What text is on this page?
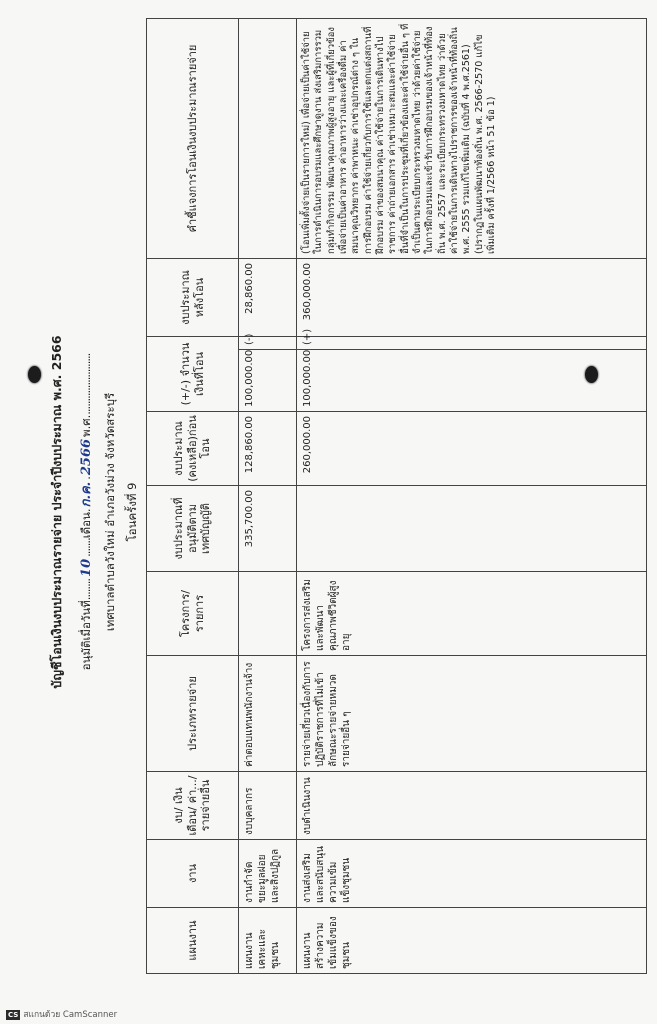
บัญชีโอนเงินงบประมาณรายจ่าย ประจำปีงบประมาณ พ.ศ. 2566	อนุมัติเมื่อวันที่........10.......เดือน.ก.ค..2566พ.ศ........................
เทศบาลตำบลวังใหม่ อำเภอวังม่วง จังหวัดสระบุรี โอนครั้งที่ 9
แผนงาน	งาน	งบ/ เงินเดือน/ ค่า.../ รายจ่ายอื่น	ประเภทรายจ่าย	โครงการ/ รายการ	งบประมาณที่อนุมัติตามเทศบัญญัติ	งบประมาณ (คงเหลือ)ก่อนโอน	(+/-) จำนวนเงินที่โอน		งบประมาณหลังโอน	คำชี้แจงการโอนเงินงบประมาณรายจ่าย
แผนงานเคหะและชุมชน	งานกำจัดขยะมูลฝอยและสิ่งปฏิกูล	งบบุคลากร	ค่าตอบแทนพนักงานจ้าง		335,700.00	128,860.00	100,000.00	(-)	28,860.00	
แผนงานสร้างความเข้มแข็งของชุมชน	งานส่งเสริมและสนับสนุนความเข้มแข็งชุมชน	งบดำเนินงาน	รายจ่ายเกี่ยวเนื่องกับการปฏิบัติราชการที่ไม่เข้าลักษณะรายจ่ายหมวดรายจ่ายอื่น ๆ	โครงการส่งเสริมและพัฒนาคุณภาพชีวิตผู้สูงอายุ		260,000.00	100,000.00	(+)	360,000.00	(โอนเพิ่มตั้งจ่ายเป็นรายการใหม่) เพื่อจ่ายเป็นค่าใช้จ่ายในการดำเนินการอบรมและศึกษาดูงาน ส่งเสริมการรวมกลุ่มทำกิจกรรม พัฒนาคุณภาพผู้สูงอายุ และผู้ที่เกี่ยวข้อง เพื่อจ่ายเป็นค่าอาหาร ค่าอาหารว่างและเครื่องดื่ม ค่าสมนาคุณวิทยากร ค่าพาหนะ ค่าเช่าอุปกรณ์ต่าง ๆ ในการฝึกอบรม ค่าใช้จ่ายเกี่ยวกับการใช้และตกแต่งสถานที่ฝึกอบรม ค่าของสมนาคุณ ค่าใช้จ่ายในการเดินทางไปราชการ ค่าถ่ายเอกสาร ค่าเช่าเหมาะสมและค่าใช้จ่ายอื่นที่จำเป็นในการประชุมที่เกี่ยวข้องและค่าใช้จ่ายอื่น ๆ ที่จำเป็นตามระเบียบกระทรวงมหาดไทย ว่าด้วยค่าใช้จ่ายในการฝึกอบรมและเข้ารับการฝึกอบรมของเจ้าหน้าที่ท้องถิ่น พ.ศ. 2557 และระเบียบกระทรวงมหาดไทย ว่าด้วยค่าใช้จ่ายในการเดินทางไปราชการของเจ้าหน้าที่ท้องถิ่น พ.ศ. 2555 รวมแก้ไขเพิ่มเติม (ฉบับที่ 4 พ.ศ.2561) (ปรากฏในแผนพัฒนาท้องถิ่น พ.ศ. 2566-2570 แก้ไขเพิ่มเติม ครั้งที่ 1/2566 หน้า 51 ข้อ 1)
CS สแกนด้วย CamScanner
